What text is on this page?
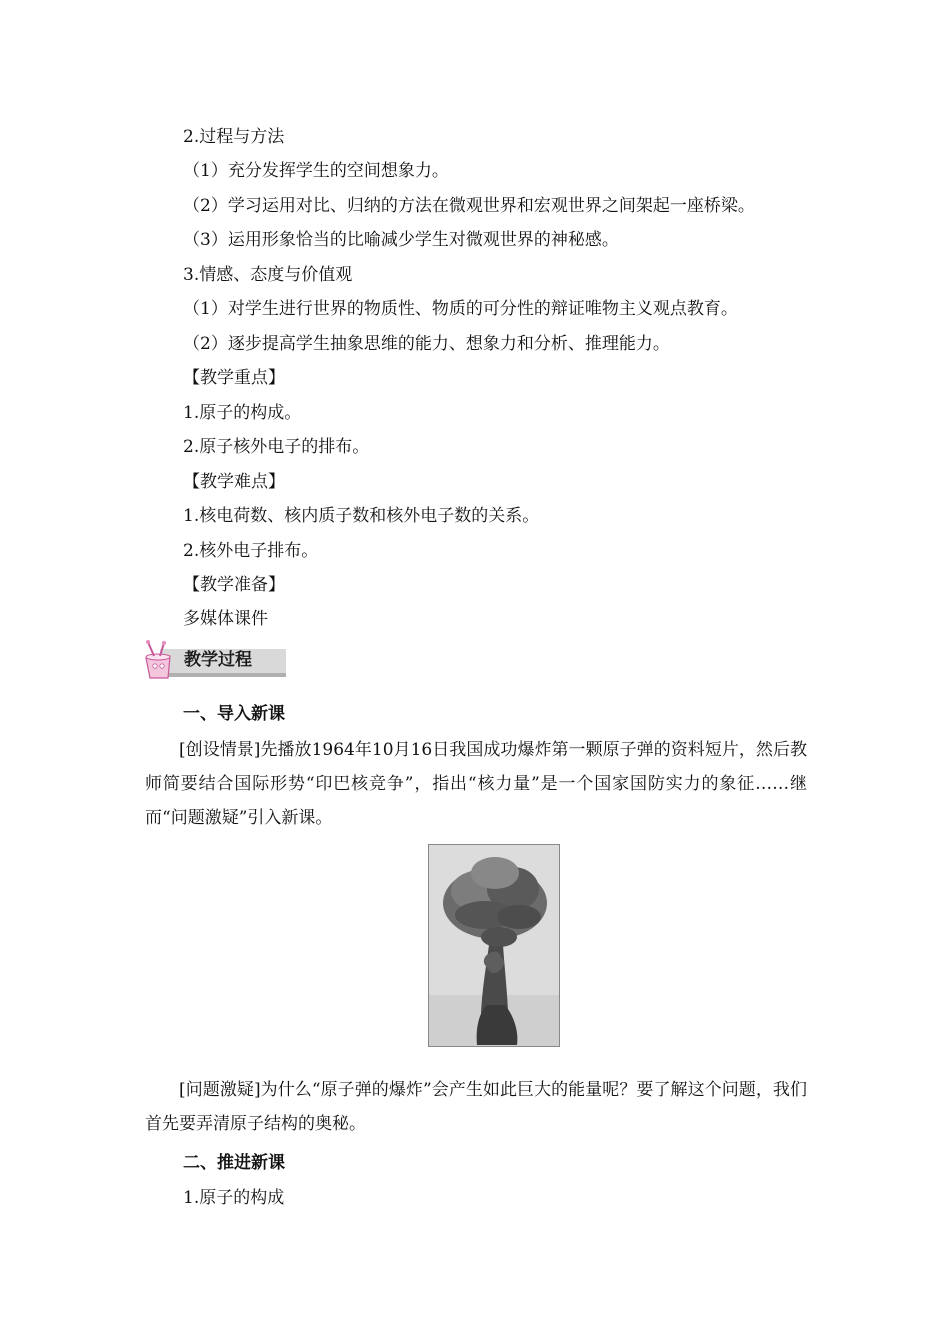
2.过程与方法
（1）充分发挥学生的空间想象力。
（2）学习运用对比、归纳的方法在微观世界和宏观世界之间架起一座桥梁。
（3）运用形象恰当的比喻减少学生对微观世界的神秘感。
3.情感、态度与价值观
（1）对学生进行世界的物质性、物质的可分性的辩证唯物主义观点教育。
（2）逐步提高学生抽象思维的能力、想象力和分析、推理能力。
【教学重点】
1.原子的构成。
2.原子核外电子的排布。
【教学难点】
1.核电荷数、核内质子数和核外电子数的关系。
2.核外电子排布。
【教学准备】
多媒体课件
教学过程
一、导入新课
[创设情景]先播放1964年10月16日我国成功爆炸第一颗原子弹的资料短片，然后教师简要结合国际形势“印巴核竞争”，指出“核力量”是一个国家国防实力的象征……继而“问题激疑”引入新课。
[问题激疑]为什么“原子弹的爆炸”会产生如此巨大的能量呢？要了解这个问题，我们首先要弄清原子结构的奥秘。
二、推进新课
1.原子的构成
